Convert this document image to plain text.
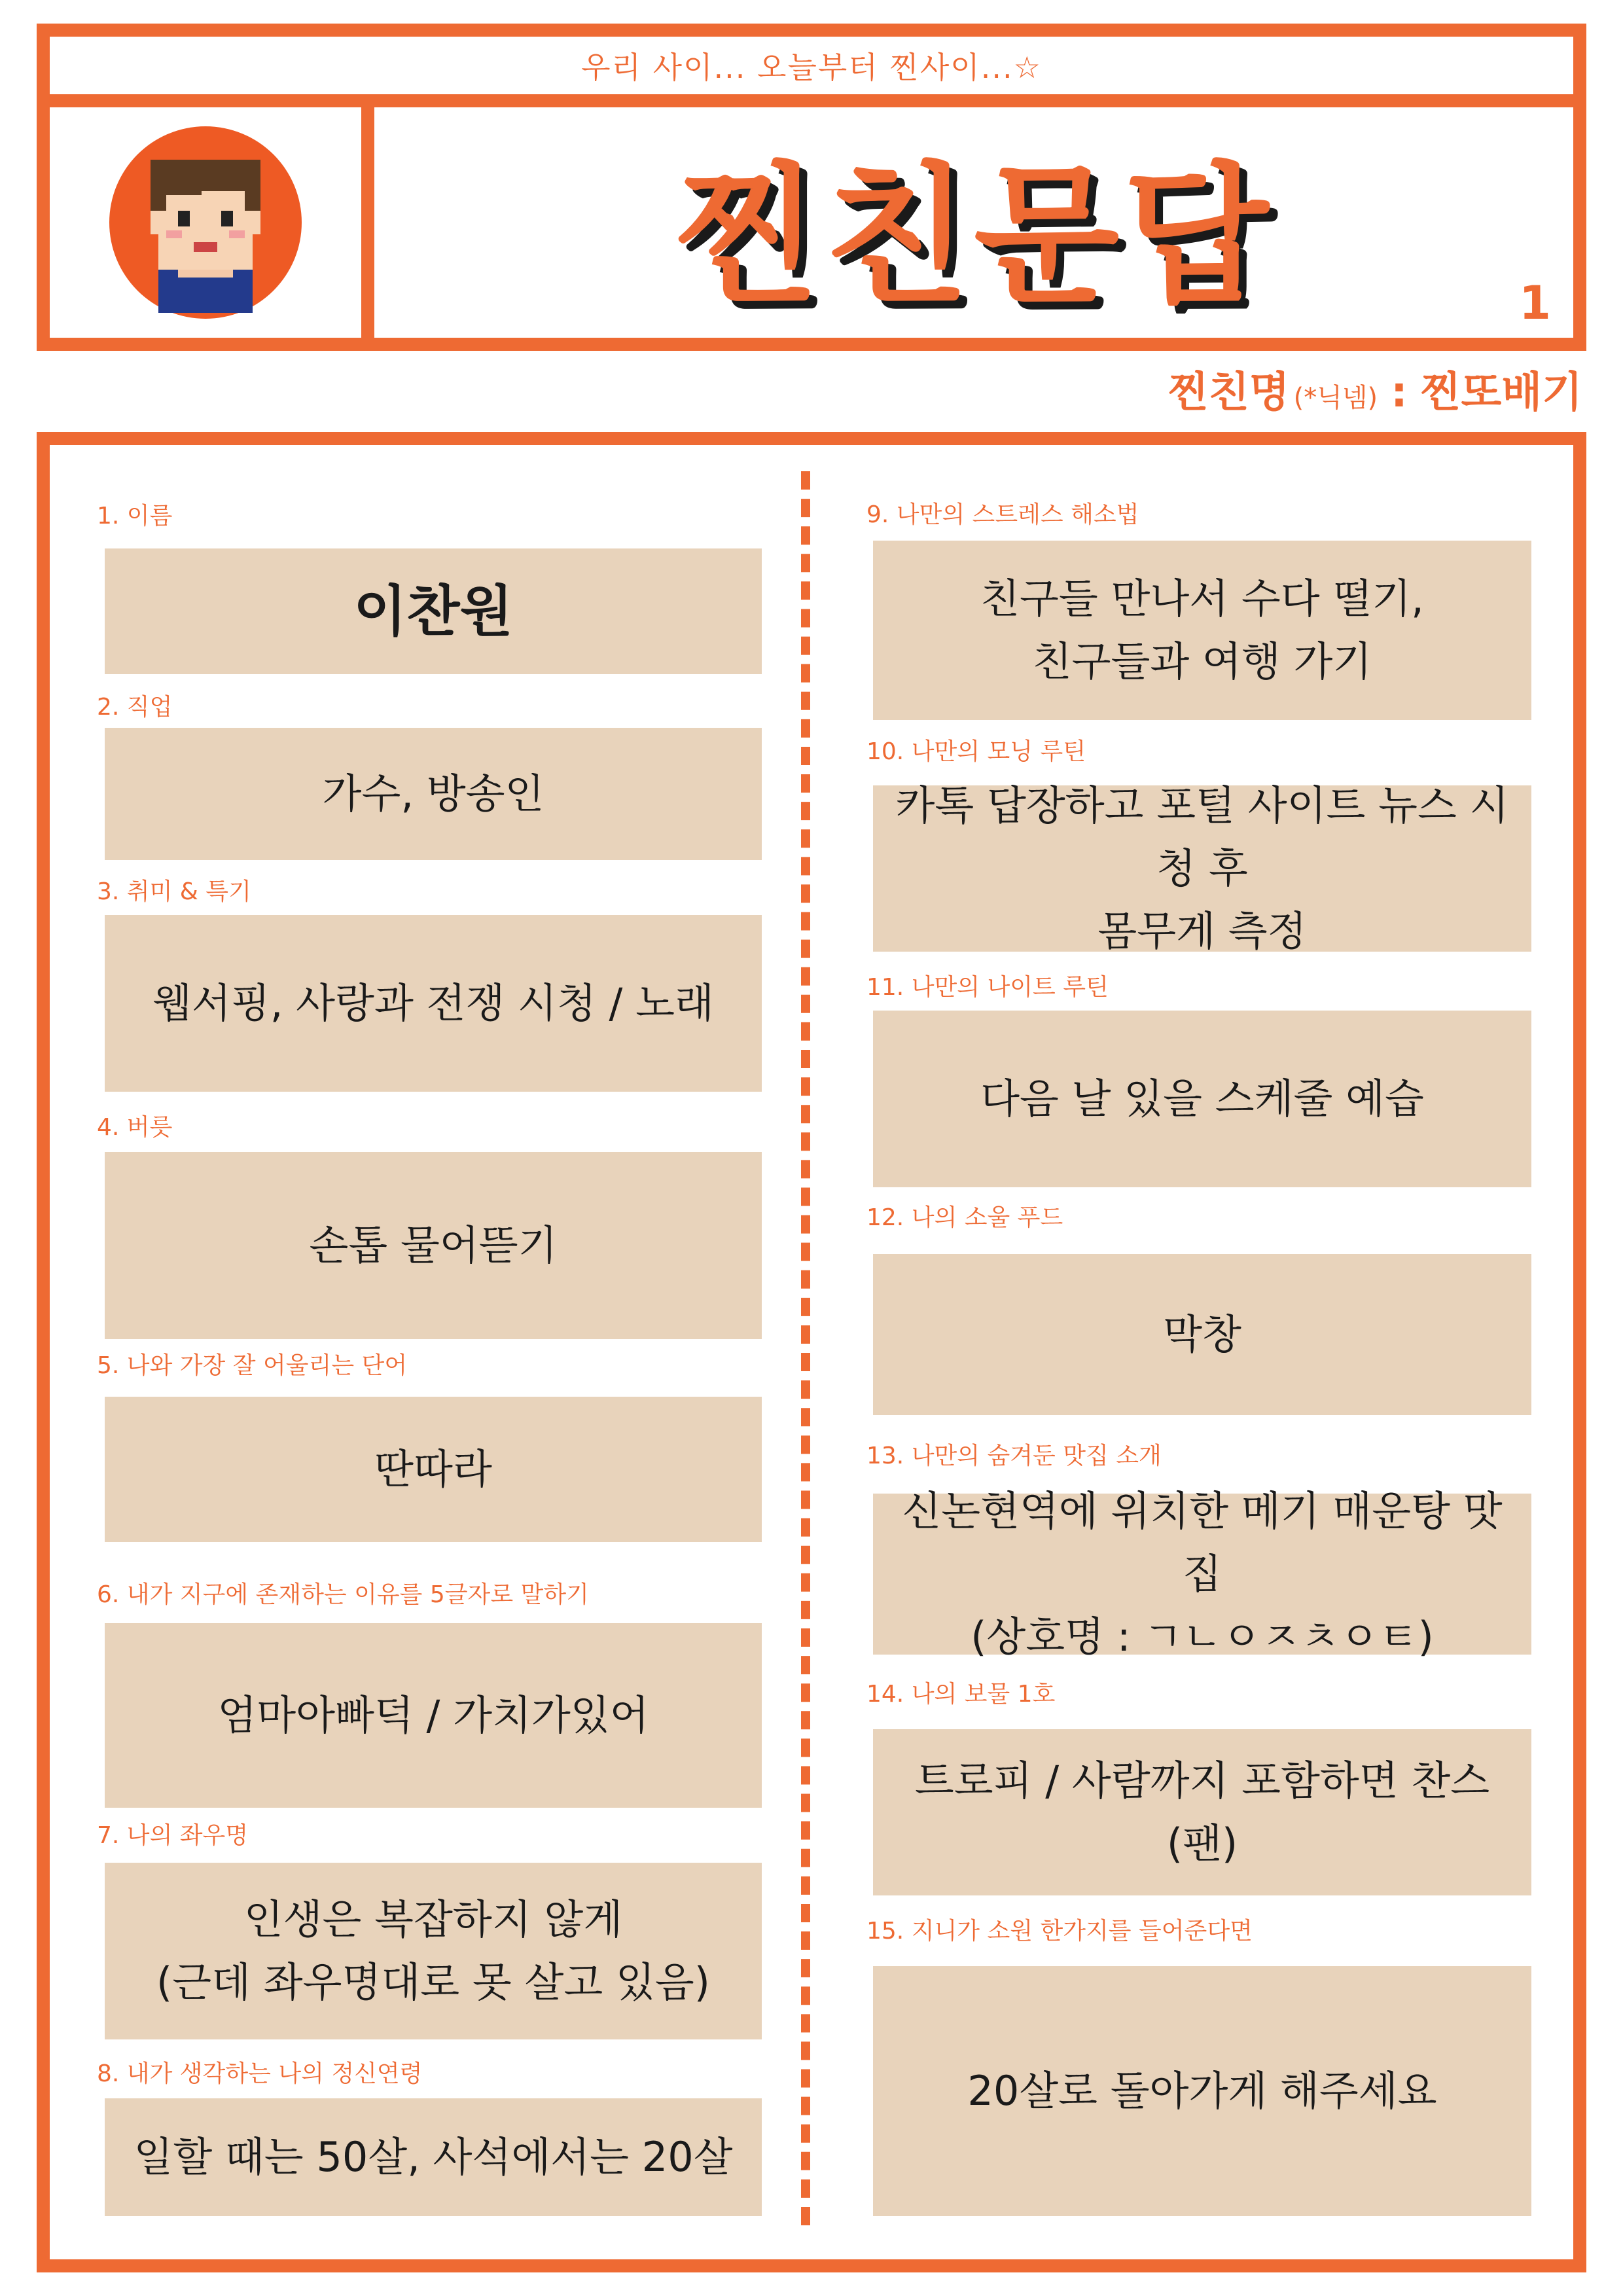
우리 사이... 오늘부터 찐사이...☆
찐친문답	1
찐친명 (*닉넴) : 찐또배기
1. 이름
이찬원
2. 직업
가수, 방송인
3. 취미 & 특기
웹서핑, 사랑과 전쟁 시청 / 노래
4. 버릇
손톱 물어뜯기
5. 나와 가장 잘 어울리는 단어
딴따라
6. 내가 지구에 존재하는 이유를 5글자로 말하기
엄마아빠덕 / 가치가있어
7. 나의 좌우명
인생은 복잡하지 않게
(근데 좌우명대로 못 살고 있음)
8. 내가 생각하는 나의 정신연령
일할 때는 50살, 사석에서는 20살
9. 나만의 스트레스 해소법
친구들 만나서 수다 떨기,
친구들과 여행 가기
10. 나만의 모닝 루틴
카톡 답장하고 포털 사이트 뉴스 시청 후
몸무게 측정
11. 나만의 나이트 루틴
다음 날 있을 스케줄 예습
12. 나의 소울 푸드
막창
13. 나만의 숨겨둔 맛집 소개
신논현역에 위치한 메기 매운탕 맛집
(상호명 : ㄱㄴㅇㅈㅊㅇㅌ)
14. 나의 보물 1호
트로피 / 사람까지 포함하면 찬스(팬)
15. 지니가 소원 한가지를 들어준다면
20살로 돌아가게 해주세요
